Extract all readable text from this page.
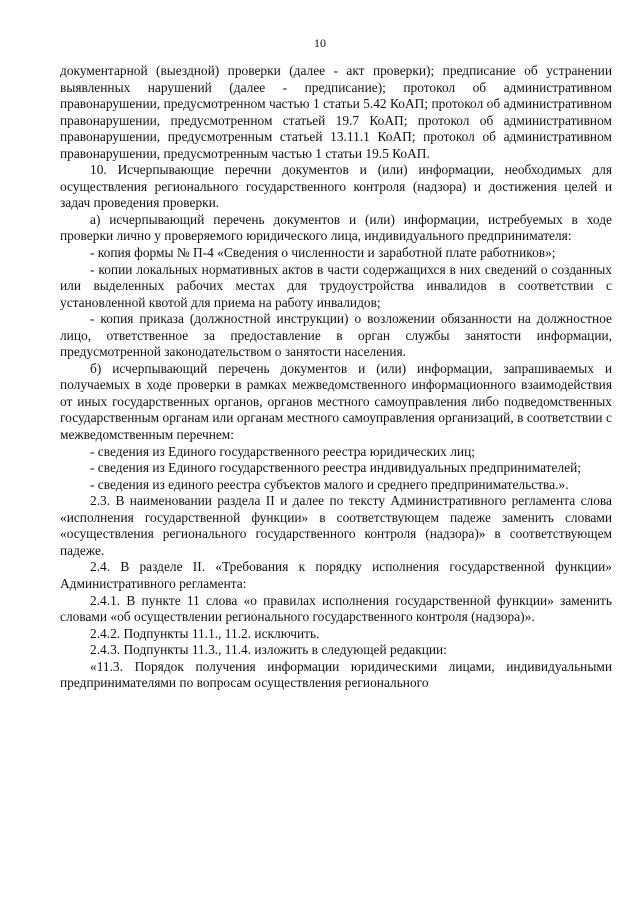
10

документарной (выездной) проверки (далее - акт проверки); предписание об устранении выявленных нарушений (далее - предписание); протокол об административном правонарушении, предусмотренном частью 1 статьи 5.42 КоАП; протокол об административном правонарушении, предусмотренном статьей 19.7 КоАП; протокол об административном правонарушении, предусмотренным статьей 13.11.1 КоАП; протокол об административном правонарушении, предусмотренным частью 1 статьи 19.5 КоАП.

10. Исчерпывающие перечни документов и (или) информации, необходимых для осуществления регионального государственного контроля (надзора) и достижения целей и задач проведения проверки.

а) исчерпывающий перечень документов и (или) информации, истребуемых в ходе проверки лично у проверяемого юридического лица, индивидуального предпринимателя:

- копия формы № П-4 «Сведения о численности и заработной плате работников»;

- копии локальных нормативных актов в части содержащихся в них сведений о созданных или выделенных рабочих местах для трудоустройства инвалидов в соответствии с установленной квотой для приема на работу инвалидов;

- копия приказа (должностной инструкции) о возложении обязанности на должностное лицо, ответственное за предоставление в орган службы занятости информации, предусмотренной законодательством о занятости населения.

б) исчерпывающий перечень документов и (или) информации, запрашиваемых и получаемых в ходе проверки в рамках межведомственного информационного взаимодействия от иных государственных органов, органов местного самоуправления либо подведомственных государственным органам или органам местного самоуправления организаций, в соответствии с межведомственным перечнем:

- сведения из Единого государственного реестра юридических лиц;

- сведения из Единого государственного реестра индивидуальных предпринимателей;

- сведения из единого реестра субъектов малого и среднего предпринимательства.».

2.3. В наименовании раздела II и далее по тексту Административного регламента слова «исполнения государственной функции» в соответствующем падеже заменить словами «осуществления регионального государственного контроля (надзора)» в соответствующем падеже.

2.4. В разделе II. «Требования к порядку исполнения государственной функции» Административного регламента:

2.4.1. В пункте 11 слова «о правилах исполнения государственной функции» заменить словами «об осуществлении регионального государственного контроля (надзора)».

2.4.2. Подпункты 11.1., 11.2. исключить.

2.4.3. Подпункты 11.3., 11.4. изложить в следующей редакции:

«11.3. Порядок получения информации юридическими лицами, индивидуальными предпринимателями по вопросам осуществления регионального
